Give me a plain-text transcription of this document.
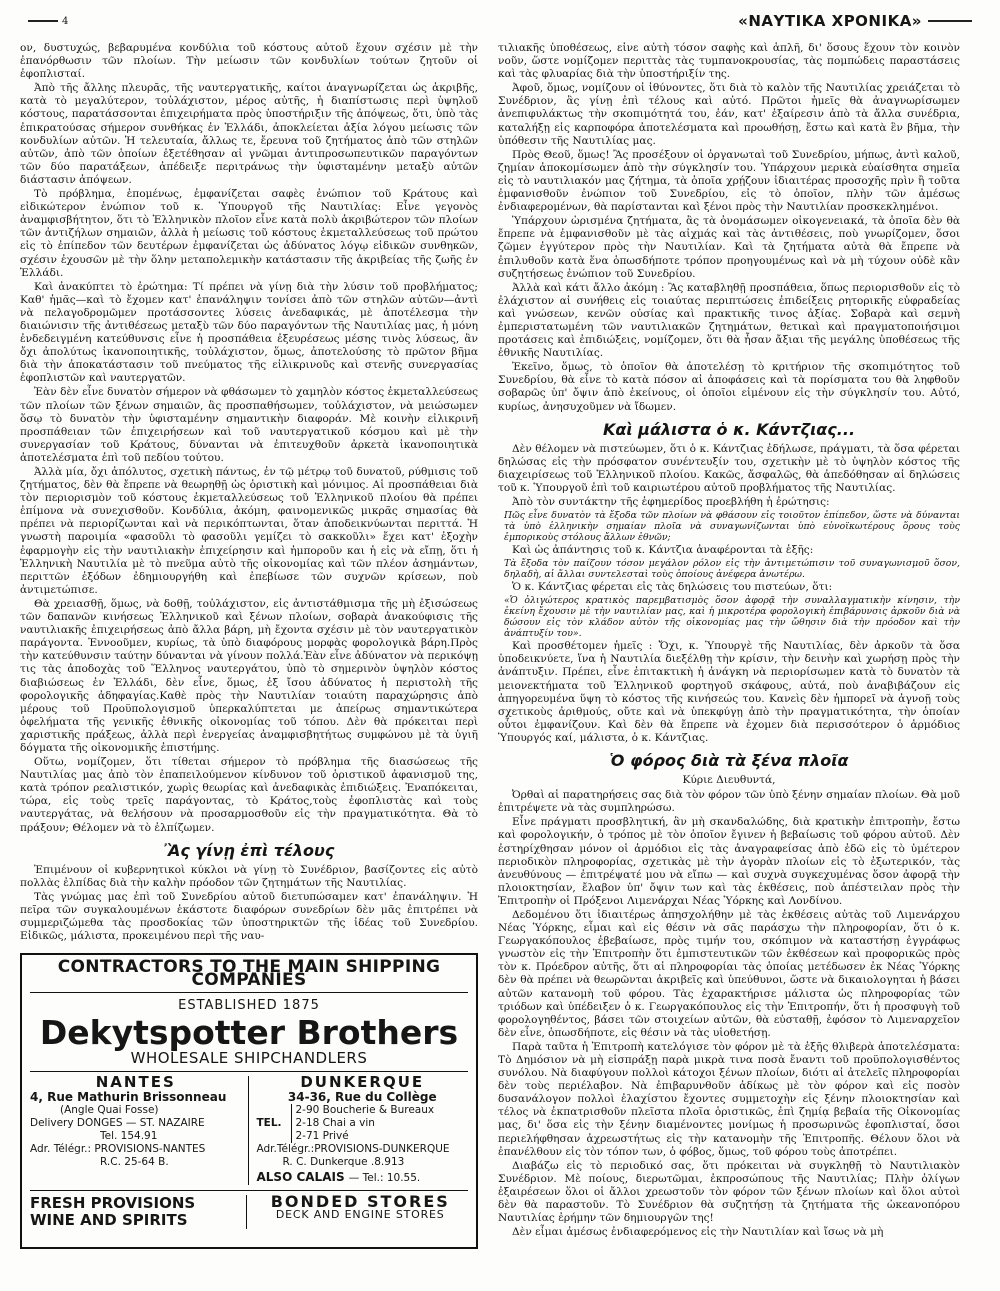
4	«ΝΑΥΤΙΚΑ ΧΡΟΝΙΚΑ»

ον, δυστυχώς, βεβαρυμένα κονδύλια τοῦ κόστους αὐτοῦ ἔχουν σχέσιν μὲ τὴν ἐπανόρθωσιν τῶν πλοίων. Τὴν μείωσιν τῶν κονδυλίων τούτων ζητοῦν οἱ ἐφοπλισταί.

Ἀπὸ τῆς ἄλλης πλευρᾶς, τῆς ναυτεργατικῆς, καίτοι ἀναγνωρίζεται ὡς ἀκριβῆς, κατὰ τὸ μεγαλύτερον, τοὐλάχιστον, μέρος αὐτῆς, ἡ διαπίστωσις περὶ ὑψηλοῦ κόστους, παρατάσσονται ἐπιχειρήματα πρὸς ὑποστήριξιν τῆς ἀπόψεως, ὅτι, ὑπὸ τὰς ἐπικρατούσας σήμερον συνθήκας ἐν Ἑλλάδι, ἀποκλείεται ἀξία λόγου μείωσις τῶν κονδυλίων αὐτῶν. Ἡ τελευταία, ἄλλως τε, ἔρευνα τοῦ ζητήματος ἀπὸ τῶν στηλῶν αὐτῶν, ἀπὸ τῶν ὁποίων ἐξετέθησαν αἱ γνῶμαι ἀντιπροσωπευτικῶν παραγόντων τῶν δύο παρατάξεων, ἀπέδειξε περιτράνως τὴν ὑφισταμένην μεταξὺ αὐτῶν διάστασιν ἀπόψεων.

Τὸ πρόβλημα, ἑπομένως, ἐμφανίζεται σαφὲς ἐνώπιον τοῦ Κράτους καὶ εἰδικώτερον ἐνώπιον τοῦ κ. Ὑπουργοῦ τῆς Ναυτιλίας: Εἶνε γεγονὸς ἀναμφισβήτητον, ὅτι τὸ Ἑλληνικὸν πλοῖον εἶνε κατὰ πολὺ ἀκριβώτερον τῶν πλοίων τῶν ἀντιζήλων σημαιῶν, ἀλλὰ ἡ μείωσις τοῦ κόστους ἐκμεταλλεύσεως τοῦ πρώτου εἰς τὸ ἐπίπεδον τῶν δευτέρων ἐμφανίζεται ὡς ἀδύνατος λόγῳ εἰδικῶν συνθηκῶν, σχέσιν ἐχουσῶν μὲ τὴν ὅλην μεταπολεμικὴν κατάστασιν τῆς ἀκριβείας τῆς ζωῆς ἐν Ἑλλάδι.

Καὶ ἀνακύπτει τὸ ἐρώτημα: Τί πρέπει νὰ γίνῃ διὰ τὴν λύσιν τοῦ προβλήματος; Καθ' ἡμᾶς—καὶ τὸ ἔχομεν κατ' ἐπανάληψιν τονίσει ἀπὸ τῶν στηλῶν αὐτῶν—ἀντὶ νὰ πελαγοδρομῶμεν προτάσσοντες λύσεις ἀνεδαφικάς, μὲ ἀποτέλεσμα τὴν διαιώνισιν τῆς ἀντιθέσεως μεταξὺ τῶν δύο παραγόντων τῆς Ναυτιλίας μας, ἡ μόνη ἐνδεδειγμένη κατεύθυνσις εἶνε ἡ προσπάθεια ἐξευρέσεως μέσης τινὸς λύσεως, ἂν ὄχι ἀπολύτως ἱκανοποιητικῆς, τοὐλάχιστον, ὅμως, ἀποτελούσης τὸ πρῶτον βῆμα διὰ τὴν ἀποκατάστασιν τοῦ πνεύματος τῆς εἰλικρινοῦς καὶ στενῆς συνεργασίας ἐφοπλιστῶν καὶ ναυτεργατῶν.

Ἐὰν δὲν εἶνε δυνατὸν σήμερον νὰ φθάσωμεν τὸ χαμηλὸν κόστος ἐκμεταλλεύσεως τῶν πλοίων τῶν ξένων σημαιῶν, ἂς προσπαθήσωμεν, τοὐλάχιστον, νὰ μειώσωμεν ὅσῳ τὸ δυνατὸν τὴν ὑφισταμένην σημαντικὴν διαφοράν. Μὲ κοινὴν εἰλικρινῆ προσπάθειαν τῶν ἐπιχειρήσεων καὶ τοῦ ναυτεργατικοῦ κόσμου καὶ μὲ τὴν συνεργασίαν τοῦ Κράτους, δύνανται νὰ ἐπιτευχθοῦν ἀρκετὰ ἱκανοποιητικὰ ἀποτελέσματα ἐπὶ τοῦ πεδίου τούτου.

Ἀλλὰ μία, ὄχι ἀπόλυτος, σχετικὴ πάντως, ἐν τῷ μέτρῳ τοῦ δυνατοῦ, ρύθμισις τοῦ ζητήματος, δὲν θὰ ἔπρεπε νὰ θεωρηθῇ ὡς ὁριστικὴ καὶ μόνιμος. Αἱ προσπάθειαι διὰ τὸν περιορισμὸν τοῦ κόστους ἐκμεταλλεύσεως τοῦ Ἑλληνικοῦ πλοίου θὰ πρέπει ἐπίμονα νὰ συνεχισθοῦν. Κονδύλια, ἀκόμη, φαινομενικῶς μικρᾶς σημασίας θὰ πρέπει νὰ περιορίζωνται καὶ νὰ περικόπτωνται, ὅταν ἀποδεικνύωνται περιττά. Ἡ γνωστὴ παροιμία «φασοῦλι τὸ φασοῦλι γεμίζει τὸ σακκοῦλι» ἔχει κατ' ἐξοχὴν ἐφαρμογὴν εἰς τὴν ναυτιλιακὴν ἐπιχείρησιν καὶ ἠμποροῦν και ἡ εἰς νὰ εἴπῃ, ὅτι ἡ Ἑλληνικὴ Ναυτιλία μὲ τὸ πνεῦμα αὐτὸ τῆς οἰκονομίας καὶ τῶν πλέον ἀσημάντων, περιττῶν ἐξόδων ἐδημιουργήθη καὶ ἐπεβίωσε τῶν συχνῶν κρίσεων, ποὺ ἀντιμετώπισε.

Θὰ χρειασθῇ, ὅμως, νὰ δοθῇ, τοὐλάχιστον, εἰς ἀντιστάθμισμα τῆς μὴ ἐξισώσεως τῶν δαπανῶν κινήσεως Ἑλληνικοῦ καὶ ξένων πλοίων, σοβαρὰ ἀνακούφισις τῆς ναυτιλιακῆς ἐπιχειρήσεως ἀπὸ ἄλλα βάρη, μὴ ἔχοντα σχέσιν μὲ τὸν ναυτεργατικὸν παράγοντα. Ἐννοοῦμεν, κυρίως, τὰ ὑπὸ διαφόρους μορφὰς φορολογικὰ βάρη.Πρὸς τὴν κατεύθυνσιν ταύτην δύνανται νὰ γίνουν πολλά.Ἐὰν εἶνε ἀδύνατον νὰ περικόψῃ τις τὰς ἀποδοχὰς τοῦ Ἕλληνος ναυτεργάτου, ὑπὸ τὸ σημερινὸν ὑψηλὸν κόστος διαβιώσεως ἐν Ἑλλάδι, δὲν εἶνε, ὅμως, ἐξ ἴσου ἀδύνατος ἡ περιστολὴ τῆς φορολογικῆς ἀδηφαγίας.Καθὲ πρὸς τὴν Ναυτιλίαν τοιαύτη παραχώρησις ἀπὸ μέρους τοῦ Προϋπολογισμοῦ ὑπερκαλύπτεται με ἀπείρως σημαντικώτερα ὀφελήματα τῆς γενικῆς ἐθνικῆς οἰκονομίας τοῦ τόπου. Δὲν θὰ πρόκειται περὶ χαριστικῆς πράξεως, ἀλλὰ περὶ ἐνεργείας ἀναμφισβητήτως συμφώνου μὲ τὰ ὑγιῆ δόγματα τῆς οἰκονομικῆς ἐπιστήμης.

Οὕτω, νομίζομεν, ὅτι τίθεται σήμερον τὸ πρόβλημα τῆς διασώσεως τῆς Ναυτιλίας μας ἀπὸ τὸν ἐπαπειλούμενον κίνδυνον τοῦ ὁριστικοῦ ἀφανισμοῦ της, κατὰ τρόπον ρεαλιστικόν, χωρὶς θεωρίας καὶ ἀνεδαφικὰς ἐπιδιώξεις. Ἐναπόκειται, τώρα, εἰς τοὺς τρεῖς παράγοντας, τὸ Κράτος,τοὺς ἐφοπλιστὰς καὶ τοὺς ναυτεργάτας, νὰ θελήσουν νὰ προσαρμοσθοῦν εἰς τὴν πραγματικότητα. Θὰ τὸ πράξουν; Θέλομεν νὰ τὸ ἐλπίζωμεν.

Ἂς γίνῃ ἐπὶ τέλους

Ἐπιμένουν οἱ κυβερνητικοὶ κύκλοι νὰ γίνῃ τὸ Συνέδριον, βασίζοντες εἰς αὐτὸ πολλὰς ἐλπίδας διὰ τὴν καλὴν πρόοδον τῶν ζητημάτων τῆς Ναυτιλίας.

Τὰς γνώμας μας ἐπὶ τοῦ Συνεδρίου αὐτοῦ διετυπώσαμεν κατ' ἐπανάληψιν. Ἡ πεῖρα τῶν συγκαλουμένων ἑκάστοτε διαφόρων συνεδρίων δὲν μᾶς ἐπιτρέπει νὰ συμμεριζώμεθα τὰς προσδοκίας τῶν ὑποστηρικτῶν τῆς ἰδέας τοῦ Συνεδρίου. Εἰδικῶς, μάλιστα, προκειμένου περὶ τῆς ναυ-

CONTRACTORS TO THE MAIN SHIPPING COMPANIES
ESTABLISHED 1875
Dekytspotter Brothers
WHOLESALE SHIPCHANDLERS
NANTES
4, Rue Mathurin Brissonneau
(Angle Quai Fosse)
Delivery DONGES — ST. NAZAIRE
Tel. 154.91
Adr. Télégr.: PROVISIONS-NANTES
R.C. 25-64 B.
DUNKERQUE
34-36, Rue du Collège
TEL.
2-90 Boucherie & Bureaux
2-18 Chai a vin
2-71 Privé
Adr.Télégr.:PROVISIONS-DUNKERQUE
R. C. Dunkerque .8.913
ALSO CALAIS — Tel.: 10.55.
FRESH PROVISIONS
WINE AND SPIRITS
BONDED STORES
DECK AND ENGINE STORES

τιλιακῆς ὑποθέσεως, εἶνε αὐτὴ τόσον σαφὴς καὶ ἁπλῆ, δι' ὅσους ἔχουν τὸν κοινὸν νοῦν, ὥστε νομίζομεν περιττὰς τὰς τυμπανοκρουσίας, τὰς πομπώδεις παραστάσεις καὶ τὰς φλυαρίας διὰ τὴν ὑποστήριξίν της.

Ἀφοῦ, ὅμως, νομίζουν οἱ ἰθύνοντες, ὅτι διὰ τὸ καλὸν τῆς Ναυτιλίας χρειάζεται τὸ Συνέδριον, ἂς γίνῃ ἐπὶ τέλους καὶ αὐτό. Πρῶτοι ἡμεῖς θὰ ἀναγνωρίσωμεν ἀνεπιφυλάκτως τὴν σκοπιμότητά του, ἐάν, κατ' ἐξαίρεσιν ἀπὸ τὰ ἄλλα συνέδρια, καταλήξῃ εἰς καρποφόρα ἀποτελέσματα καὶ προωθήσῃ, ἔστω καὶ κατὰ ἓν βῆμα, τὴν ὑπόθεσιν τῆς Ναυτιλίας μας.

Πρὸς Θεοῦ, ὅμως! Ἂς προσέξουν οἱ ὀργανωταὶ τοῦ Συνεδρίου, μήπως, ἀντὶ καλοῦ, ζημίαν ἀποκομίσωμεν ἀπὸ τὴν σύγκλησίν του. Ὑπάρχουν μερικὰ εὐαίσθητα σημεῖα εἰς τὸ ναυτιλιακόν μας ζήτημα, τὰ ὁποῖα χρῄζουν ἰδιαιτέρας προσοχῆς πρὶν ἢ τοῦτα ἐμφανισθοῦν ἐνώπιον τοῦ Συνεδρίου, εἰς τὸ ὁποῖον, πλὴν τῶν ἀμέσως ἐνδιαφερομένων, θὰ παρίστανται καὶ ξένοι πρὸς τὴν Ναυτιλίαν προσκεκλημένοι.

Ὑπάρχουν ὡρισμένα ζητήματα, ἂς τὰ ὀνομάσωμεν οἰκογενειακά, τὰ ὁποῖα δὲν θὰ ἔπρεπε νὰ ἐμφανισθοῦν μὲ τὰς αἰχμάς καὶ τὰς ἀντιθέσεις, ποὺ γνωρίζομεν, ὅσοι ζῶμεν ἐγγύτερον πρὸς τὴν Ναυτιλίαν. Καὶ τὰ ζητήματα αὐτὰ θὰ ἔπρεπε νὰ ἐπιλυθοῦν κατὰ ἕνα ὁπωσδήποτε τρόπον προηγουμένως καὶ νὰ μὴ τύχουν οὐδὲ κἂν συζητήσεως ἐνώπιον τοῦ Συνεδρίου.

Ἀλλὰ καὶ κάτι ἄλλο ἀκόμη : Ἂς καταβληθῇ προσπάθεια, ὅπως περιορισθοῦν εἰς τὸ ἐλάχιστον αἱ συνήθεις εἰς τοιαύτας περιπτώσεις ἐπιδείξεις ρητορικῆς εὐφραδείας καὶ γνώσεων, κενῶν οὐσίας καὶ πρακτικῆς τινος ἀξίας. Σοβαρὰ καὶ σεμνὴ ἐμπεριστατωμένη τῶν ναυτιλιακῶν ζητημάτων, θετικαὶ καὶ πραγματοποιήσιμοι προτάσεις καὶ ἐπιδιώξεις, νομίζομεν, ὅτι θὰ ἦσαν ἄξιαι τῆς μεγάλης ὑποθέσεως τῆς ἐθνικῆς Ναυτιλίας.

Ἐκεῖνο, ὅμως, τὸ ὁποῖον θὰ ἀποτελέσῃ τὸ κριτήριον τῆς σκοπιμότητος τοῦ Συνεδρίου, θὰ εἶνε τὸ κατὰ πόσον αἱ ἀποφάσεις καὶ τὰ πορίσματα του θὰ ληφθοῦν σοβαρῶς ὑπ' ὄψιν ἀπὸ ἐκείνους, οἱ ὁποῖοι εἰμένουν εἰς τὴν σύγκλησίν του. Αὐτό, κυρίως, ἀνησυχοῦμεν νὰ ἴδωμεν.

Καὶ μάλιστα ὁ κ. Κάντζιας...

Δὲν θέλομεν νὰ πιστεύωμεν, ὅτι ὁ κ. Κάντζιας ἐδήλωσε, πράγματι, τὰ ὅσα φέρεται δηλώσας εἰς τὴν πρόσφατον συνέντευξίν του, σχετικὴν μὲ τὸ ὑψηλὸν κόστος τῆς διαχειρίσεως τοῦ Ἑλληνικοῦ πλοίου. Κακῶς, ἄσφαλῶς, θὰ ἀπεδόθησαν αἱ δηλώσεις τοῦ κ. Ὑπουργοῦ ἐπὶ τοῦ καιριωτέρου αὐτοῦ προβλήματος τῆς Ναυτιλίας.

Ἀπὸ τὸν συντάκτην τῆς ἐφημερίδος προεβλήθη ἡ ἐρώτησις:

Πῶς εἶνε δυνατὸν τὰ ἔξοδα τῶν πλοίων νὰ φθάσουν εἰς τοιοῦτον ἐπίπεδον, ὥστε νὰ δύνανται τὰ ὑπὸ ἑλληνικὴν σημαίαν πλοῖα νὰ συναγωνίζωνται ὑπὸ εὐνοϊκωτέρους ὅρους τοὺς ἐμπορικοὺς στόλους ἄλλων ἐθνῶν;

Καὶ ὡς ἀπάντησις τοῦ κ. Κάντζια ἀναφέρονται τὰ ἑξῆς:

Τὰ ἔξοδα τὸν παίζουν τόσον μεγάλον ρόλον εἰς τὴν ἀντιμετώπισιν τοῦ συναγωνισμοῦ ὅσον, δηλαδὴ, αἱ ἄλλαι συντελεσταὶ τοὺς ὁποίους ἀνέφερα ἀνωτέρω.

Ὁ κ. Κάντζιας φέρεται εἰς τὰς δηλώσεις του πιστεύων, ὅτι:

«Ὁ ὀλιγώτερος κρατικὸς παρεμβατισμὸς ὅσον ἀφορᾷ τὴν συναλλαγματικὴν κίνησιν, τὴν ἐκείνη ἔχουσιν μὲ τὴν ναυτιλίαν μας, καὶ ἡ μικροτέρα φορολογικὴ ἐπιβάρυνσις ἀρκοῦν διὰ νὰ δώσουν εἰς τὸν κλάδον αὐτὸν τῆς οἰκονομίας μας τὴν ὤθησιν διὰ τὴν πρόοδον καὶ τὴν ἀνάπτυξίν του».

Καὶ προσθέτομεν ἡμεῖς : Ὄχι, κ. Ὑπουργὲ τῆς Ναυτιλίας, δὲν ἀρκοῦν τὰ ὅσα ὑποδεικνύετε, ἵνα ἡ Ναυτιλία διεξέλθῃ τὴν κρίσιν, τὴν δεινὴν καὶ χωρήσῃ πρὸς τὴν ἀνάπτυξιν. Πρέπει, εἶνε ἐπιτακτικὴ ἡ ἀνάγκη νὰ περιορίσωμεν κατὰ τὸ δυνατὸν τὰ μειονεκτήματα τοῦ Ἑλληνικοῦ φορτηγοῦ σκάφους, αὐτά, ποὺ ἀναβιβάζουν εἰς ἀπηγορευμένα ὕψη τὸ κόστος τῆς κινήσεώς του. Κανεὶς δὲν ἠμπορεῖ νὰ ἀγνοῇ τοὺς σχετικοὺς ἀριθμούς, οὔτε καὶ νὰ ὑπεκφύγῃ ἀπὸ τὴν πραγματικότητα, τὴν ὁποίαν οὗτοι ἐμφανίζουν. Καὶ δὲν θὰ ἔπρεπε νὰ ἐχομεν διὰ περισσότερον ὁ ἁρμόδιος Ὑπουργός καί, μάλιστα, ὁ κ. Κάντζιας.

Ὁ φόρος διὰ τὰ ξένα πλοῖα

Κύριε Διευθυντά,

Ὀρθαὶ αἱ παρατηρήσεις σας διὰ τὸν φόρον τῶν ὑπὸ ξένην σημαίαν πλοίων. Θὰ μοῦ ἐπιτρέψετε νὰ τὰς συμπληρώσω.

Εἶνε πράγματι προσβλητική, ἂν μὴ σκανδαλώδης, διὰ κρατικὴν ἐπιτροπὴν, ἔστω καὶ φορολογικήν, ὁ τρόπος μὲ τὸν ὁποῖον ἔγινεν ἡ βεβαίωσις τοῦ φόρου αὐτοῦ. Δὲν ἐστηρίχθησαν μόνον οἱ ἁρμόδιοι εἰς τὰς ἀναγραφείσας ἀπὸ ἐδῶ εἰς τὸ ὑμέτερον περιοδικὸν πληροφορίας, σχετικὰς μὲ τὴν ἀγορὰν πλοίων εἰς τὸ ἐξωτερικόν, τὰς ἀνευθύνους — ἐπιτρέψατέ μου νὰ εἴπω — καὶ συχνὰ συγκεχυμένας ὅσον ἀφορᾷ τὴν πλοιοκτησίαν, ἔλαβον ὑπ' ὄψιν των καὶ τὰς ἐκθέσεις, ποὺ ἀπέστειλαν πρὸς τὴν Ἐπιτροπὴν οἱ Πρόξενοι Λιμενάρχαι Νέας Ὑόρκης καὶ Λονδίνου.

Δεδομένου ὅτι ἰδιαιτέρως ἀπησχολήθην μὲ τὰς ἐκθέσεις αὐτὰς τοῦ Λιμενάρχου Νέας Ὑόρκης, εἶμαι καὶ εἰς θέσιν νὰ σᾶς παράσχω τὴν πληροφορίαν, ὅτι ὁ κ. Γεωργακόπουλος ἐβεβαίωσε, πρὸς τιμήν του, σκόπιμον νὰ καταστήσῃ ἐγγράφως γνωστὸν εἰς τὴν Ἐπιτροπὴν ὅτι ἐμπιστευτικῶν τῶν ἐκθέσεων καὶ προφορικῶς πρὸς τὸν κ. Πρόεδρον αὐτῆς, ὅτι αἱ πληροφορίαι τὰς ὁποίας μετέδωσεν ἐκ Νέας Ὑόρκης δὲν θὰ πρέπει νὰ θεωρῶνται ἀκριβεῖς καὶ ὑπεύθυνοι, ὥστε νὰ δικαιολογηται ἡ βάσει αὐτῶν κατανομὴ τοῦ φόρου. Τὰς ἐχαρακτήρισε μάλιστα ὡς πληροφορίας τῶν τριόδων καὶ ὑπέδειξεν ὁ κ. Γεωργακόπουλος εἰς τὴν Ἐπιτροπήν, ὅτι ἡ προσφυγὴ τοῦ φορολογηθέντος, βάσει τῶν στοιχείων αὐτῶν, θὰ εὐσταθῇ, ἐφόσον τὸ Λιμεναρχεῖον δὲν εἶνε, ὁπωσδήποτε, εἰς θέσιν νὰ τὰς υἱοθετήσῃ.

Παρὰ ταῦτα ἡ Ἐπιτροπὴ κατελόγισε τὸν φόρον μὲ τὰ ἑξῆς θλιβερὰ ἀποτελέσματα: Τὸ Δημόσιον νὰ μὴ εἰσπράξῃ παρὰ μικρὰ τινα ποσὰ ἔναντι τοῦ προϋπολογισθέντος συνόλου. Νὰ διαφύγουν πολλοὶ κάτοχοι ξένων πλοίων, διότι αἱ ἀτελεῖς πληροφορίαι δὲν τοὺς περιέλαβον. Νὰ ἐπιβαρυνθοῦν ἀδίκως μὲ τὸν φόρον καὶ εἰς ποσὸν δυσανάλογον πολλοὶ ἐλαχίστου ἔχοντες συμμετοχὴν εἰς ξένην πλοιοκτησίαν καὶ τέλος νὰ ἐκπατρισθοῦν πλεῖστα πλοῖα ὁριστικῶς, ἐπὶ ζημίᾳ βεβαία τῆς Οἰκονομίας μας, δι' ὅσα εἰς τὴν ξένην διαμένοντες μονίμως ἡ προσωρινῶς ἐφοπλισταί, ὅσοι περιελήφθησαν ἀχρεωστήτως εἰς τὴν κατανομὴν τῆς Ἐπιτροπῆς. Θέλουν ὅλοι νὰ ἐπανέλθουν εἰς τὸν τόπον των, ὁ φόβος, ὅμως, τοῦ φόρου τοὺς ἀποτρέπει.

Διαβάζω εἰς τὸ περιοδικό σας, ὅτι πρόκειται νὰ συγκληθῇ τὸ Ναυτιλιακὸν Συνέδριον. Μὲ ποίους, διερωτῶμαι, ἐκπροσώπους τῆς Ναυτιλίας; Πλὴν ὀλίγων ἐξαιρέσεων ὅλοι οἱ ἄλλοι χρεωστοῦν τὸν φόρον τῶν ξένων πλοίων καὶ ὅλοι αὐτοὶ δὲν θὰ παραστοῦν. Τὸ Συνέδριον θὰ συζητήσῃ τὰ ζητήματα τῆς ὠκεανοπόρου Ναυτιλίας ἐρήμην τῶν δημιουργῶν της!

Δὲν εἶμαι ἀμέσως ἐνδιαφερόμενος εἰς τὴν Ναυτιλίαν καὶ ἴσως νὰ μὴ
